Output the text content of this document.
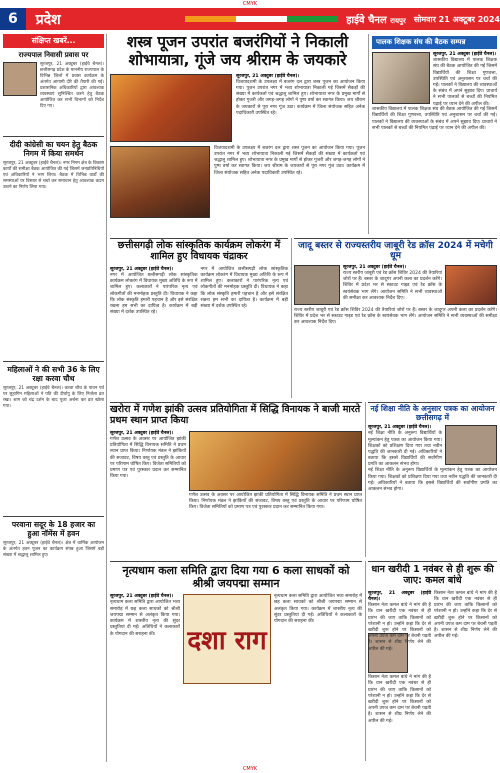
CMYK
6	प्रदेश	हाईवे चैनल रायपुर सोमवार 21 अक्टूबर 2024
संक्षिप्त खबरें...
राज्यपाल निवासी प्रवास पर
सूरजपुर, 21 अक्टूबर (हाईवे चैनल)। छत्तीसगढ़ प्रदेश के माननीय राज्यपाल के विभिन्न जिलों में प्रवास कार्यक्रम के अंतर्गत आगामी दौरे की तैयारी की गई। प्रशासनिक अधिकारियों द्वारा आवश्यक व्यवस्थाएं सुनिश्चित करने हेतु बैठक आयोजित कर सभी विभागों को निर्देश दिए गए।
दीदी कांग्रेसी का चयन हेतु बैठक निगम में किया समर्थन
सूरजपुर, 21 अक्टूबर (हाईवे चैनल)। नगर निगम क्षेत्र के विकास कार्यों की समीक्षा बैठक आयोजित की गई जिसमें जनप्रतिनिधियों एवं अधिकारियों ने भाग लिया। बैठक में विभिन्न वार्डों की समस्याओं पर विस्तार से चर्चा कर समाधान हेतु आवश्यक कदम उठाने का निर्णय लिया गया।
महिलाओं ने की सभी 36 के लिए रक्षा करवा चौथ
सूरजपुर, 21 अक्टूबर (हाईवे चैनल)। करवा चौथ के पावन पर्व पर सुहागिन महिलाओं ने पति की दीर्घायु के लिए निर्जला व्रत रखा। शाम को चंद्र दर्शन के बाद पूजा अर्चना कर व्रत खोला गया।
परवाना सदूर के 18 हजार का हुआ नॉमेंस में हवन
सूरजपुर, 21 अक्टूबर (हाईवे चैनल)। क्षेत्र में धार्मिक आयोजन के अंतर्गत हवन पूजन का कार्यक्रम संपन्न हुआ जिसमें बड़ी संख्या में श्रद्धालु शामिल हुए।
शस्त्र पूजन उपरांत बजरंगियों ने निकाली शोभायात्रा, गूंजे जय श्रीराम के जयकारे
सूरजपुर, 21 अक्टूबर (हाईवे चैनल)।
विजयादशमी के उपलक्ष्य में बजरंग दल द्वारा शस्त्र पूजन का आयोजन किया गया। पूजन उपरांत नगर में भव्य शोभायात्रा निकाली गई जिसमें सैकड़ों की संख्या में कार्यकर्ता एवं श्रद्धालु शामिल हुए। शोभायात्रा नगर के प्रमुख मार्गों से होकर गुजरी और जगह-जगह लोगों ने पुष्प वर्षा कर स्वागत किया। जय श्रीराम के जयकारों से पूरा नगर गूंज उठा। कार्यक्रम में जिला संयोजक सहित अनेक पदाधिकारी उपस्थित रहे।
विजयादशमी के उपलक्ष्य में बजरंग दल द्वारा शस्त्र पूजन का आयोजन किया गया। पूजन उपरांत नगर में भव्य शोभायात्रा निकाली गई जिसमें सैकड़ों की संख्या में कार्यकर्ता एवं श्रद्धालु शामिल हुए। शोभायात्रा नगर के प्रमुख मार्गों से होकर गुजरी और जगह-जगह लोगों ने पुष्प वर्षा कर स्वागत किया। जय श्रीराम के जयकारों से पूरा नगर गूंज उठा। कार्यक्रम में जिला संयोजक सहित अनेक पदाधिकारी उपस्थित रहे।
पालक शिक्षक संघ की बैठक सम्पन्न
सूरजपुर, 21 अक्टूबर (हाईवे चैनल)।
शासकीय विद्यालय में पालक शिक्षक संघ की बैठक आयोजित की गई जिसमें विद्यार्थियों की शिक्षा गुणवत्ता, उपस्थिति एवं अनुशासन पर चर्चा की गई। पालकों ने विद्यालय की व्यवस्थाओं के संबंध में अपने सुझाव दिए। प्राचार्य ने सभी पालकों से बच्चों की नियमित पढ़ाई पर ध्यान देने की अपील की।
शासकीय विद्यालय में पालक शिक्षक संघ की बैठक आयोजित की गई जिसमें विद्यार्थियों की शिक्षा गुणवत्ता, उपस्थिति एवं अनुशासन पर चर्चा की गई। पालकों ने विद्यालय की व्यवस्थाओं के संबंध में अपने सुझाव दिए। प्राचार्य ने सभी पालकों से बच्चों की नियमित पढ़ाई पर ध्यान देने की अपील की।
छत्तीसगढ़ी लोक सांस्कृतिक कार्यक्रम लोकरंग में शामिल हुए विधायक चंद्राकर
सूरजपुर, 21 अक्टूबर (हाईवे चैनल)।
नगर में आयोजित छत्तीसगढ़ी लोक सांस्कृतिक कार्यक्रम लोकरंग में विधायक मुख्य अतिथि के रूप में शामिल हुए। कलाकारों ने पारंपरिक नृत्य एवं लोकगीतों की मनमोहक प्रस्तुति दी। विधायक ने कहा कि लोक संस्कृति हमारी पहचान है और इसे संरक्षित रखना हम सभी का दायित्व है। कार्यक्रम में बड़ी संख्या में दर्शक उपस्थित रहे।
नगर में आयोजित छत्तीसगढ़ी लोक सांस्कृतिक कार्यक्रम लोकरंग में विधायक मुख्य अतिथि के रूप में शामिल हुए। कलाकारों ने पारंपरिक नृत्य एवं लोकगीतों की मनमोहक प्रस्तुति दी। विधायक ने कहा कि लोक संस्कृति हमारी पहचान है और इसे संरक्षित रखना हम सभी का दायित्व है। कार्यक्रम में बड़ी संख्या में दर्शक उपस्थित रहे।
जादू बस्तर से राज्यस्तरीय जाबूरी रेड क्रॉस 2024 में मचेगी धूम
सूरजपुर, 21 अक्टूबर (हाईवे चैनल)।
राज्य स्तरीय जाबूरी एवं रेड क्रॉस शिविर 2024 की तैयारियां जोरों पर हैं। बस्तर के जादूगर अपनी कला का प्रदर्शन करेंगे। शिविर में प्रदेश भर से स्काउट गाइड एवं रेड क्रॉस के स्वयंसेवक भाग लेंगे। आयोजन समिति ने सभी व्यवस्थाओं की समीक्षा कर आवश्यक निर्देश दिए।
राज्य स्तरीय जाबूरी एवं रेड क्रॉस शिविर 2024 की तैयारियां जोरों पर हैं। बस्तर के जादूगर अपनी कला का प्रदर्शन करेंगे। शिविर में प्रदेश भर से स्काउट गाइड एवं रेड क्रॉस के स्वयंसेवक भाग लेंगे। आयोजन समिति ने सभी व्यवस्थाओं की समीक्षा कर आवश्यक निर्देश दिए।
खरोरा में गणेश झांकी उत्सव प्रतियोगिता में सिद्धि विनायक ने बाजी मारते प्रथम स्थान प्राप्त किया
सूरजपुर, 21 अक्टूबर (हाईवे चैनल)।
गणेश उत्सव के अवसर पर आयोजित झांकी प्रतियोगिता में सिद्धि विनायक समिति ने प्रथम स्थान प्राप्त किया। निर्णायक मंडल ने झांकियों की सजावट, विषय वस्तु एवं प्रस्तुति के आधार पर परिणाम घोषित किए। विजेता समितियों को प्रमाण पत्र एवं पुरस्कार प्रदान कर सम्मानित किया गया।
गणेश उत्सव के अवसर पर आयोजित झांकी प्रतियोगिता में सिद्धि विनायक समिति ने प्रथम स्थान प्राप्त किया। निर्णायक मंडल ने झांकियों की सजावट, विषय वस्तु एवं प्रस्तुति के आधार पर परिणाम घोषित किए। विजेता समितियों को प्रमाण पत्र एवं पुरस्कार प्रदान कर सम्मानित किया गया।
नई शिक्षा नीति के अनुसार पत्रक का आयोजन छत्तीसगढ़ में
सूरजपुर, 21 अक्टूबर (हाईवे चैनल)।
नई शिक्षा नीति के अनुरूप विद्यार्थियों के मूल्यांकन हेतु पत्रक का आयोजन किया गया। शिक्षकों को प्रशिक्षण दिया गया तथा नवीन पद्धति की जानकारी दी गई। अधिकारियों ने बताया कि इससे विद्यार्थियों की सर्वांगीण प्रगति का आकलन संभव होगा।
नई शिक्षा नीति के अनुरूप विद्यार्थियों के मूल्यांकन हेतु पत्रक का आयोजन किया गया। शिक्षकों को प्रशिक्षण दिया गया तथा नवीन पद्धति की जानकारी दी गई। अधिकारियों ने बताया कि इससे विद्यार्थियों की सर्वांगीण प्रगति का आकलन संभव होगा।
नृत्यधाम कला समिति द्वारा दिया गया 6 कला साधकों को श्रीश्री जयपद्मा सम्मान
सूरजपुर, 21 अक्टूबर (हाईवे चैनल)।
नृत्यधाम कला समिति द्वारा आयोजित भव्य समारोह में छह कला साधकों को श्रीश्री जयपद्मा सम्मान से अलंकृत किया गया। कार्यक्रम में शास्त्रीय नृत्य की सुंदर प्रस्तुतियां दी गईं। अतिथियों ने कलाकारों के योगदान की सराहना की।	दशा राग
नृत्यधाम कला समिति द्वारा आयोजित भव्य समारोह में छह कला साधकों को श्रीश्री जयपद्मा सम्मान से अलंकृत किया गया। कार्यक्रम में शास्त्रीय नृत्य की सुंदर प्रस्तुतियां दी गईं। अतिथियों ने कलाकारों के योगदान की सराहना की।
धान खरीदी 1 नवंबर से ही शुरू की जाए: कमल बांधे
सूरजपुर, 21 अक्टूबर (हाईवे चैनल)।
किसान नेता कमल बांधे ने मांग की है कि धान खरीदी एक नवंबर से ही प्रारंभ की जाए ताकि किसानों को परेशानी न हो। उन्होंने कहा कि देर से खरीदी शुरू होने पर किसानों को अपनी उपज कम दाम पर बेचनी पड़ती है। शासन से शीघ्र निर्णय लेने की अपील की गई।
किसान नेता कमल बांधे ने मांग की है कि धान खरीदी एक नवंबर से ही प्रारंभ की जाए ताकि किसानों को परेशानी न हो। उन्होंने कहा कि देर से खरीदी शुरू होने पर किसानों को अपनी उपज कम दाम पर बेचनी पड़ती है। शासन से शीघ्र निर्णय लेने की अपील की गई।
किसान नेता कमल बांधे ने मांग की है कि धान खरीदी एक नवंबर से ही प्रारंभ की जाए ताकि किसानों को परेशानी न हो। उन्होंने कहा कि देर से खरीदी शुरू होने पर किसानों को अपनी उपज कम दाम पर बेचनी पड़ती है। शासन से शीघ्र निर्णय लेने की अपील की गई।
CMYK
